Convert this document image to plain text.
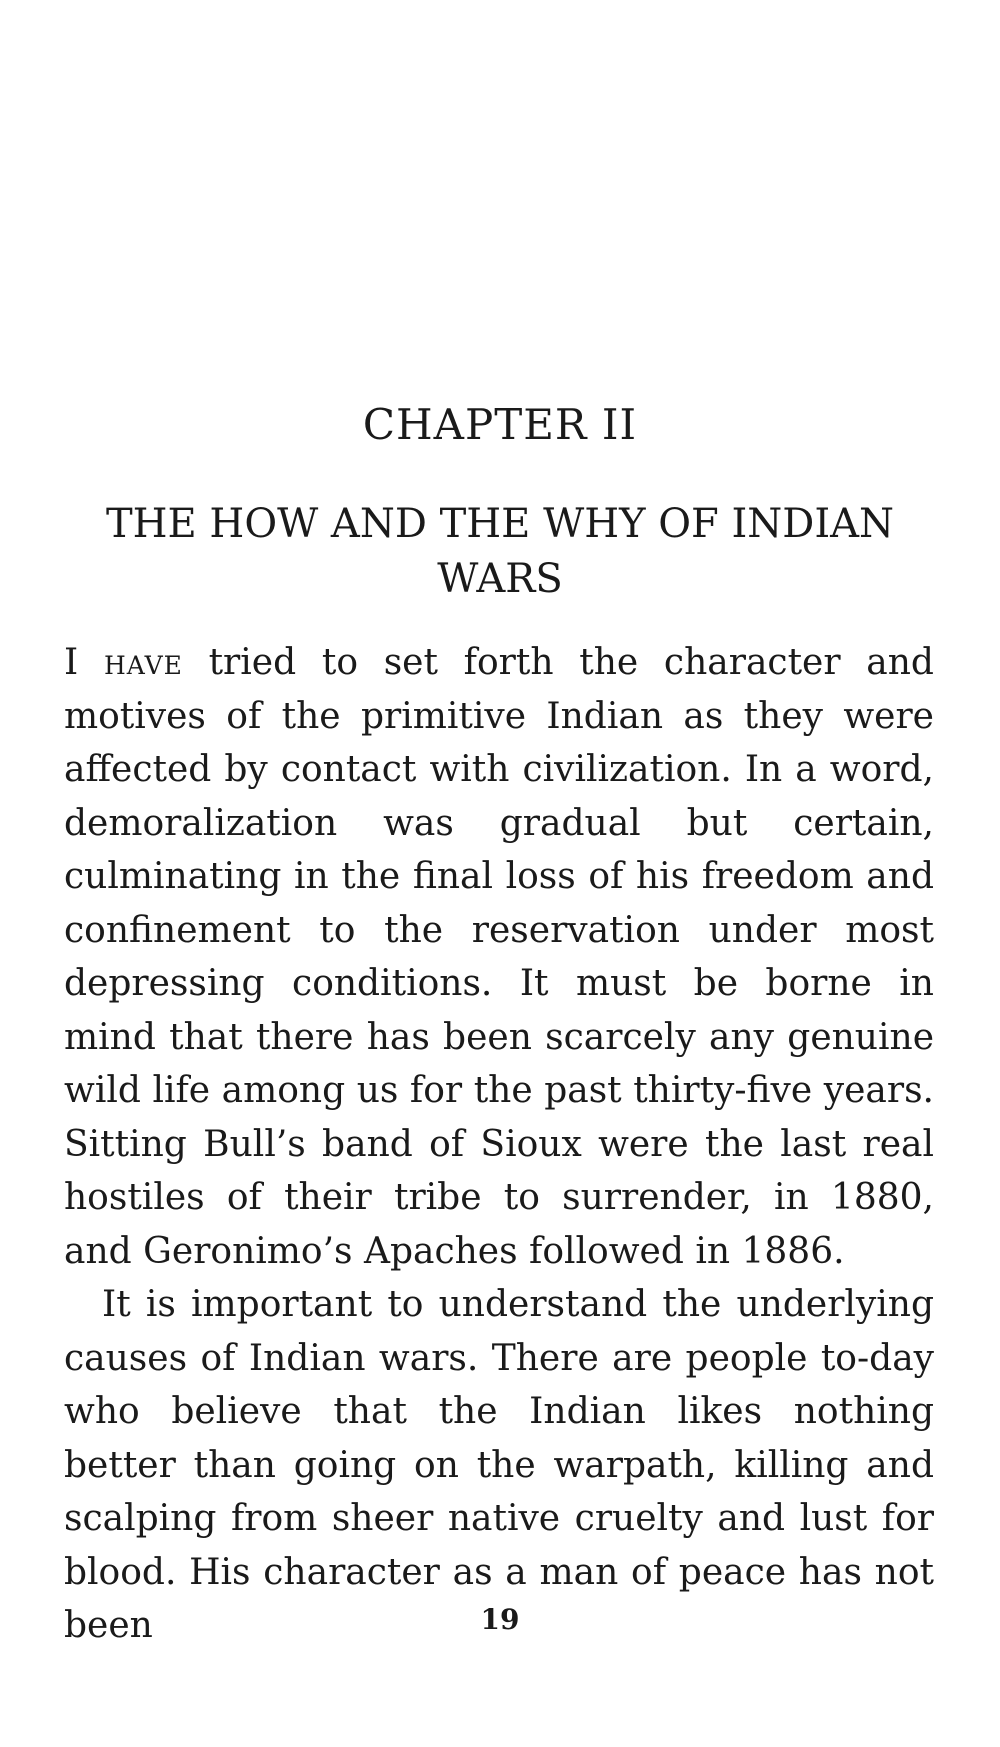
CHAPTER II
THE HOW AND THE WHY OF INDIAN
WARS

I have tried to set forth the character and motives of the primitive Indian as they were affected by contact with civilization. In a word, demoralization was gradual but certain, culminating in the final loss of his freedom and confinement to the reservation under most depressing conditions. It must be borne in mind that there has been scarcely any genuine wild life among us for the past thirty-five years. Sitting Bull’s band of Sioux were the last real hostiles of their tribe to surrender, in 1880, and Geronimo’s Apaches followed in 1886.

It is important to understand the underlying causes of Indian wars. There are people to-day who believe that the Indian likes nothing better than going on the warpath, killing and scalping from sheer native cruelty and lust for blood. His character as a man of peace has not been	19
